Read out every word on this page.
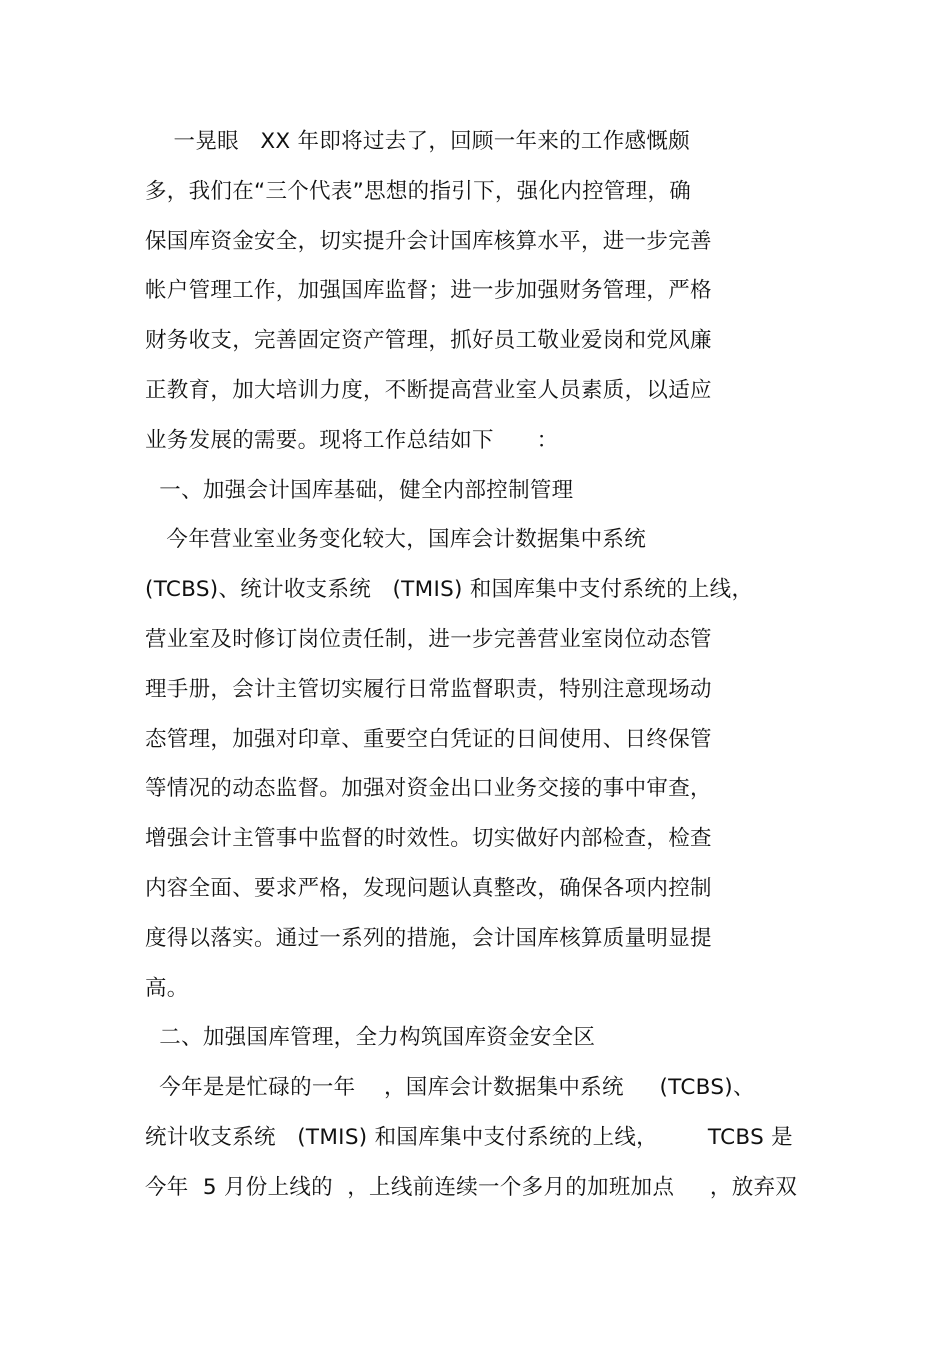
一晃眼   XX 年即将过去了，回顾一年来的工作感慨颇
多，我们在“三个代表”思想的指引下，强化内控管理，确
保国库资金安全，切实提升会计国库核算水平，进一步完善
帐户管理工作，加强国库监督；进一步加强财务管理，严格
财务收支，完善固定资产管理，抓好员工敬业爱岗和党风廉
正教育，加大培训力度，不断提高营业室人员素质，以适应
业务发展的需要。现将工作总结如下      ：
一、加强会计国库基础，健全内部控制管理
今年营业室业务变化较大，国库会计数据集中系统
(TCBS)、统计收支系统   (TMIS) 和国库集中支付系统的上线，
营业室及时修订岗位责任制，进一步完善营业室岗位动态管
理手册，会计主管切实履行日常监督职责，特别注意现场动
态管理，加强对印章、重要空白凭证的日间使用、日终保管
等情况的动态监督。加强对资金出口业务交接的事中审查，
增强会计主管事中监督的时效性。切实做好内部检查，检查
内容全面、要求严格，发现问题认真整改，确保各项内控制
度得以落实。通过一系列的措施，会计国库核算质量明显提
高。
二、加强国库管理，全力构筑国库资金安全区
今年是是忙碌的一年    ，国库会计数据集中系统     (TCBS)、
统计收支系统   (TMIS) 和国库集中支付系统的上线，       TCBS 是
今年  5 月份上线的  ，上线前连续一个多月的加班加点     ，放弃双
